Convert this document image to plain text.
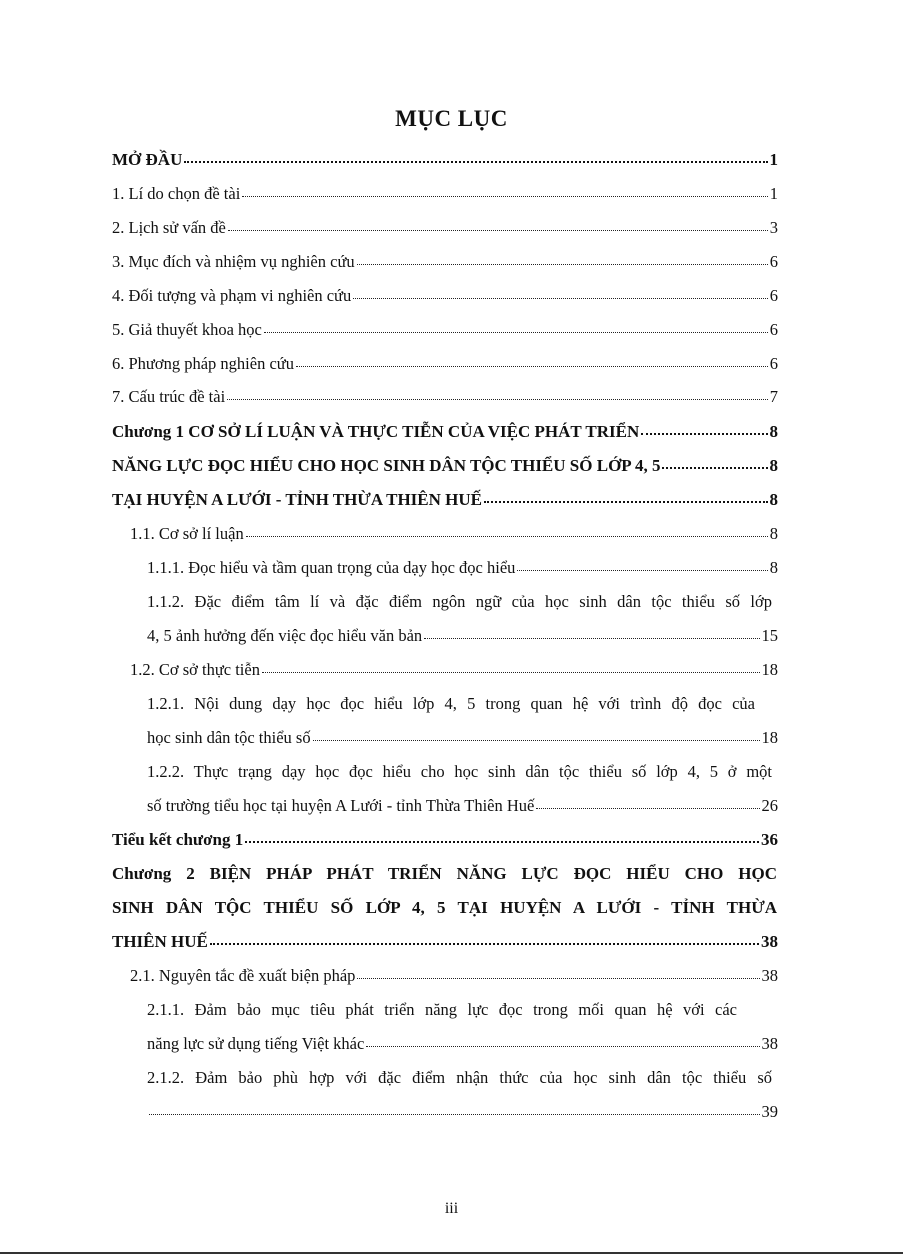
MỤC LỤC
MỞ ĐẦU	1
1. Lí do chọn đề tài	1
2. Lịch sử vấn đề	3
3. Mục đích và nhiệm vụ nghiên cứu	6
4. Đối tượng và phạm vi nghiên cứu	6
5. Giả thuyết khoa học	6
6. Phương pháp nghiên cứu	6
7. Cấu trúc đề tài	7
Chương 1 CƠ SỞ LÍ LUẬN VÀ THỰC TIỄN CỦA VIỆC PHÁT TRIỂN	8
NĂNG LỰC ĐỌC HIỂU CHO HỌC SINH DÂN TỘC THIỂU SỐ LỚP 4, 5	8
TẠI HUYỆN A LƯỚI - TỈNH THỪA THIÊN HUẾ	8
1.1. Cơ sở lí luận	8
1.1.1. Đọc hiểu và tầm quan trọng của dạy học đọc hiểu	8
1.1.2. Đặc điểm tâm lí và đặc điểm ngôn ngữ của học sinh dân tộc thiểu số lớp
4, 5 ảnh hưởng đến việc đọc hiểu văn bản	15
1.2. Cơ sở thực tiễn	18
1.2.1. Nội dung dạy học đọc hiểu lớp 4, 5 trong quan hệ với trình độ đọc của
học sinh dân tộc thiểu số	18
1.2.2. Thực trạng dạy học đọc hiểu cho học sinh dân tộc thiểu số lớp 4, 5 ở một
số trường tiểu học tại huyện A Lưới - tỉnh Thừa Thiên Huế	26
Tiểu kết chương 1	36
Chương 2 BIỆN PHÁP PHÁT TRIỂN NĂNG LỰC ĐỌC HIỂU CHO HỌC
SINH DÂN TỘC THIỂU SỐ LỚP 4, 5 TẠI HUYỆN A LƯỚI - TỈNH THỪA
THIÊN HUẾ	38
2.1. Nguyên tắc đề xuất biện pháp	38
2.1.1. Đảm bảo mục tiêu phát triển năng lực đọc trong mối quan hệ với các
năng lực sử dụng tiếng Việt khác	38
2.1.2. Đảm bảo phù hợp với đặc điểm nhận thức của học sinh dân tộc thiểu số
39
iii
